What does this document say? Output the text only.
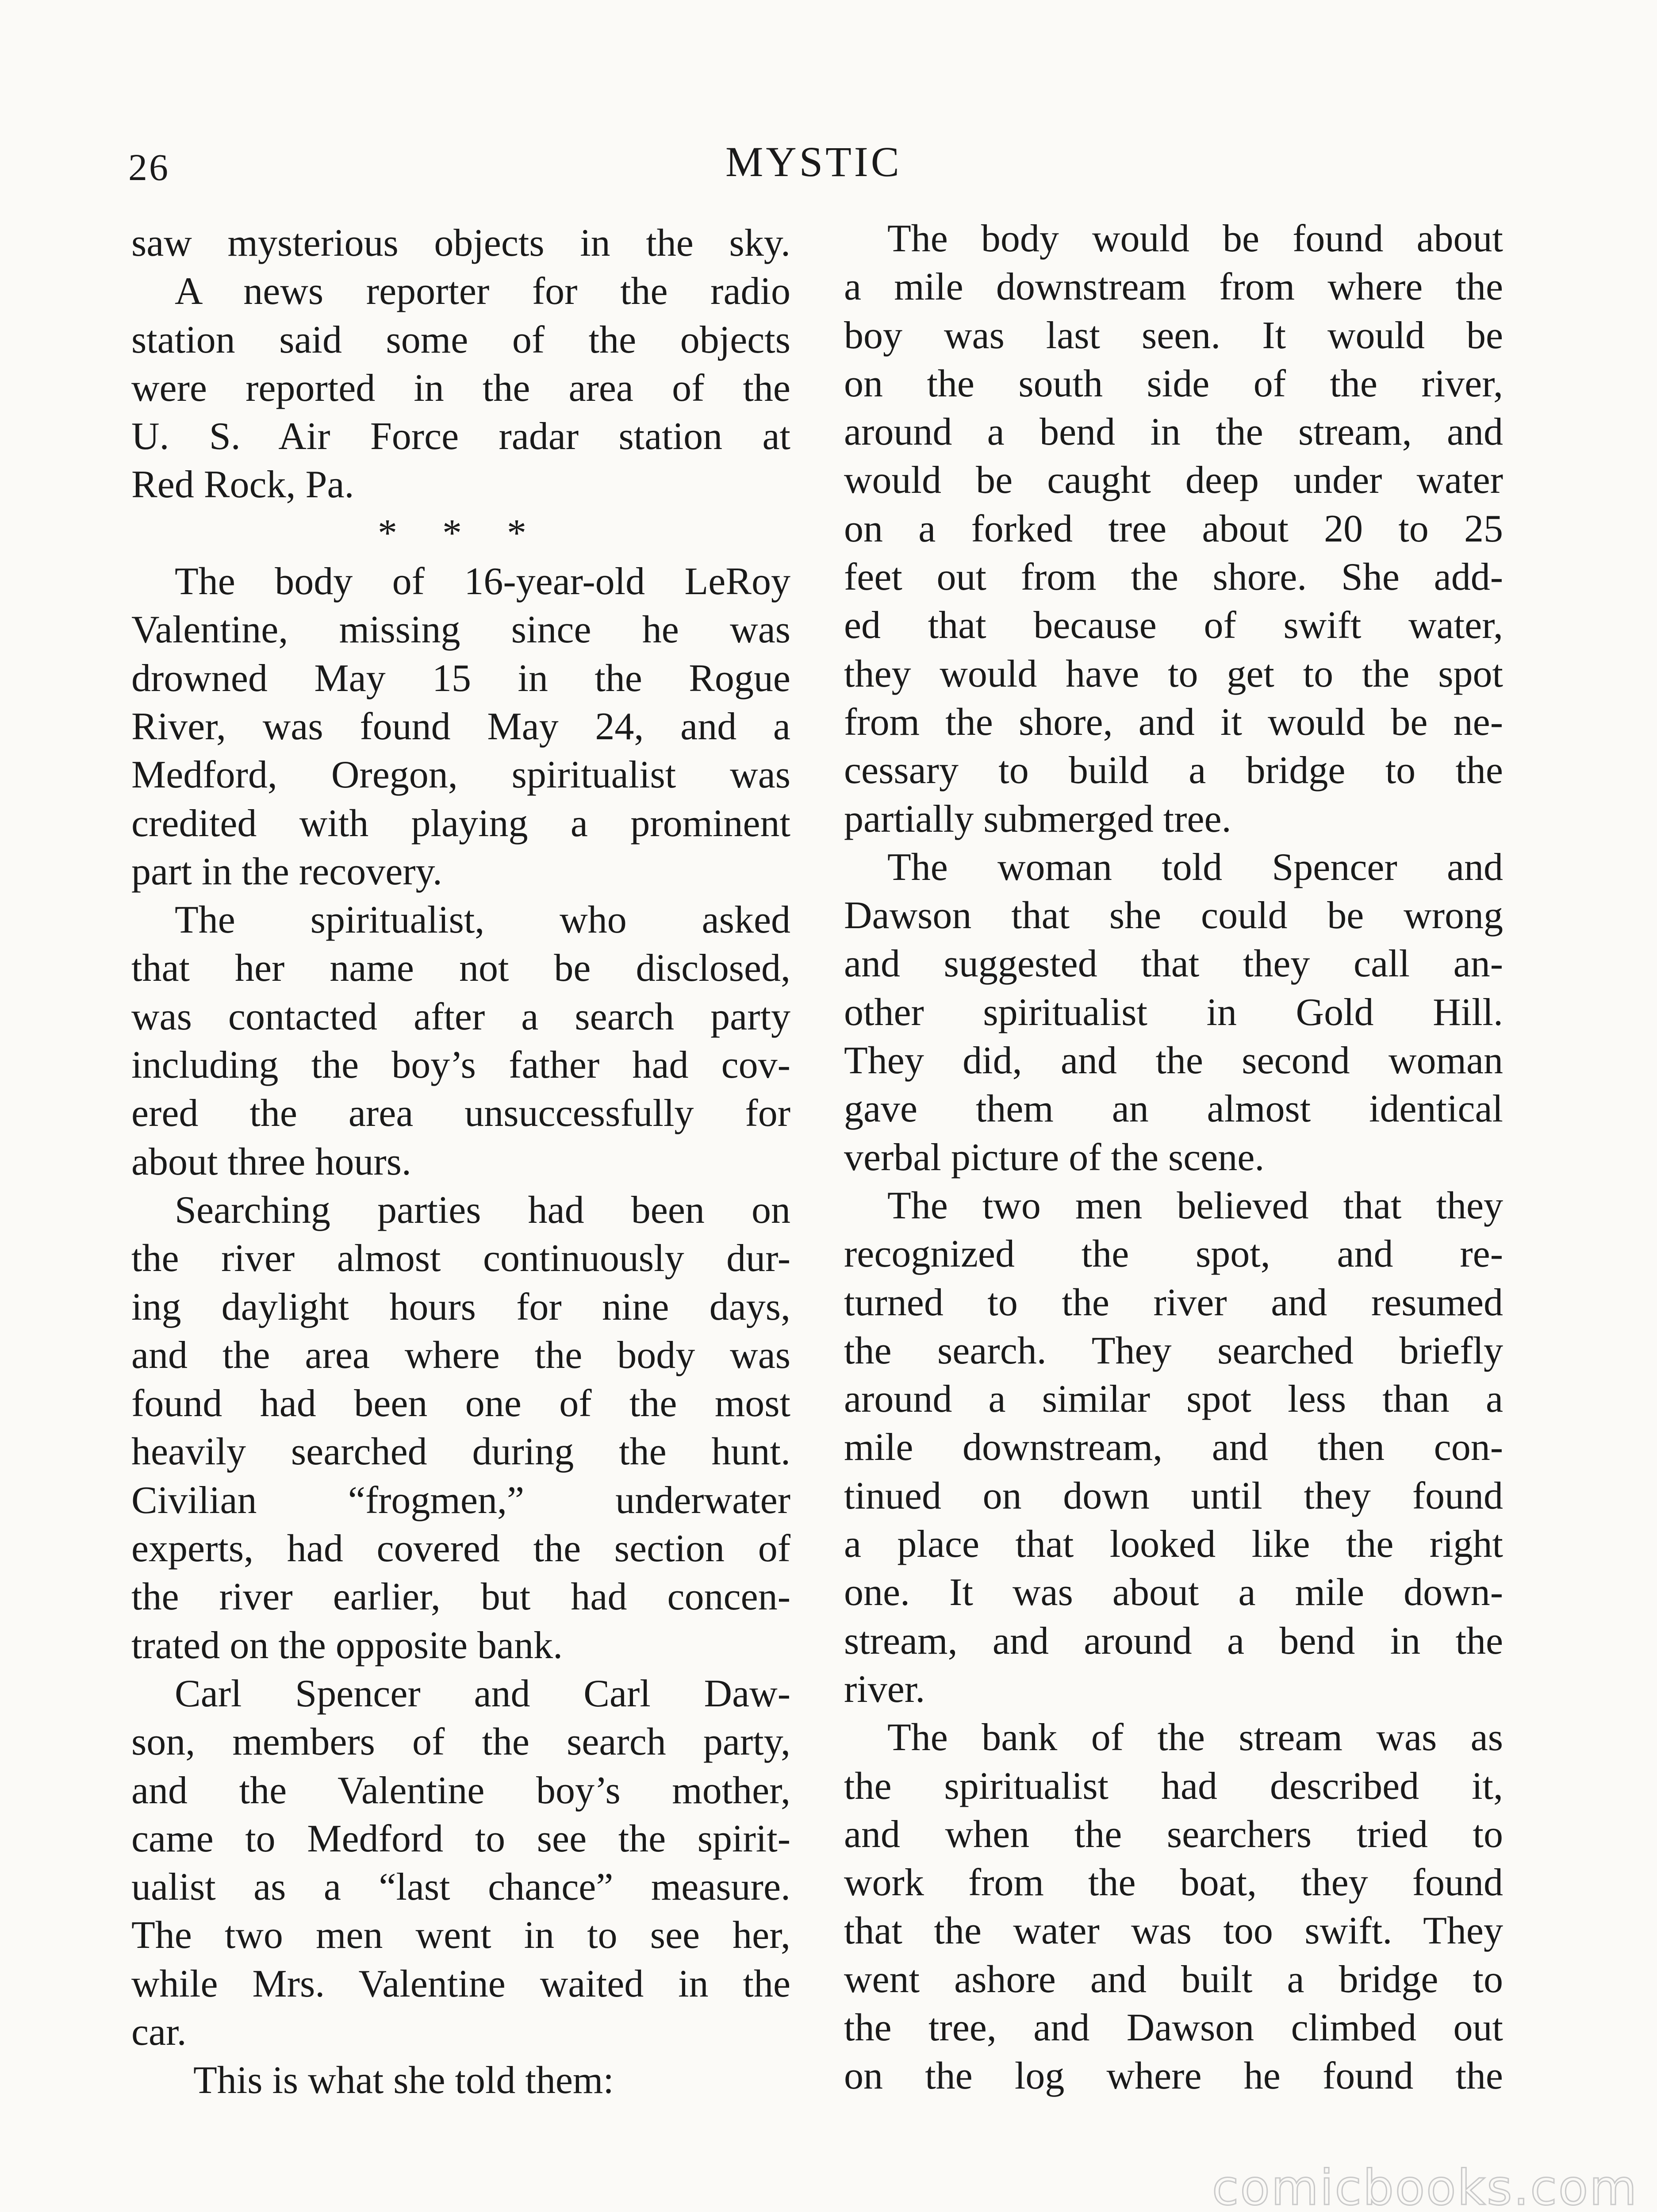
26	MYSTIC
saw mysterious objects in the sky.
A news reporter for the radio
station said some of the objects
were reported in the area of the
U. S. Air Force radar station at
Red Rock, Pa.
* * *
The body of 16-year-old LeRoy
Valentine, missing since he was
drowned May 15 in the Rogue
River, was found May 24, and a
Medford, Oregon, spiritualist was
credited with playing a prominent
part in the recovery.
The spiritualist, who asked
that her name not be disclosed,
was contacted after a search party
including the boy’s father had cov-
ered the area unsuccessfully for
about three hours.
Searching parties had been on
the river almost continuously dur-
ing daylight hours for nine days,
and the area where the body was
found had been one of the most
heavily searched during the hunt.
Civilian “frogmen,” underwater
experts, had covered the section of
the river earlier, but had concen-
trated on the opposite bank.
Carl Spencer and Carl Daw-
son, members of the search party,
and the Valentine boy’s mother,
came to Medford to see the spirit-
ualist as a “last chance” measure.
The two men went in to see her,
while Mrs. Valentine waited in the
car.
This is what she told them:
The body would be found about
a mile downstream from where the
boy was last seen. It would be
on the south side of the river,
around a bend in the stream, and
would be caught deep under water
on a forked tree about 20 to 25
feet out from the shore. She add-
ed that because of swift water,
they would have to get to the spot
from the shore, and it would be ne-
cessary to build a bridge to the
partially submerged tree.
The woman told Spencer and
Dawson that she could be wrong
and suggested that they call an-
other spiritualist in Gold Hill.
They did, and the second woman
gave them an almost identical
verbal picture of the scene.
The two men believed that they
recognized the spot, and re-
turned to the river and resumed
the search. They searched briefly
around a similar spot less than a
mile downstream, and then con-
tinued on down until they found
a place that looked like the right
one. It was about a mile down-
stream, and around a bend in the
river.
The bank of the stream was as
the spiritualist had described it,
and when the searchers tried to
work from the boat, they found
that the water was too swift. They
went ashore and built a bridge to
the tree, and Dawson climbed out
on the log where he found the
comicbooks.com
